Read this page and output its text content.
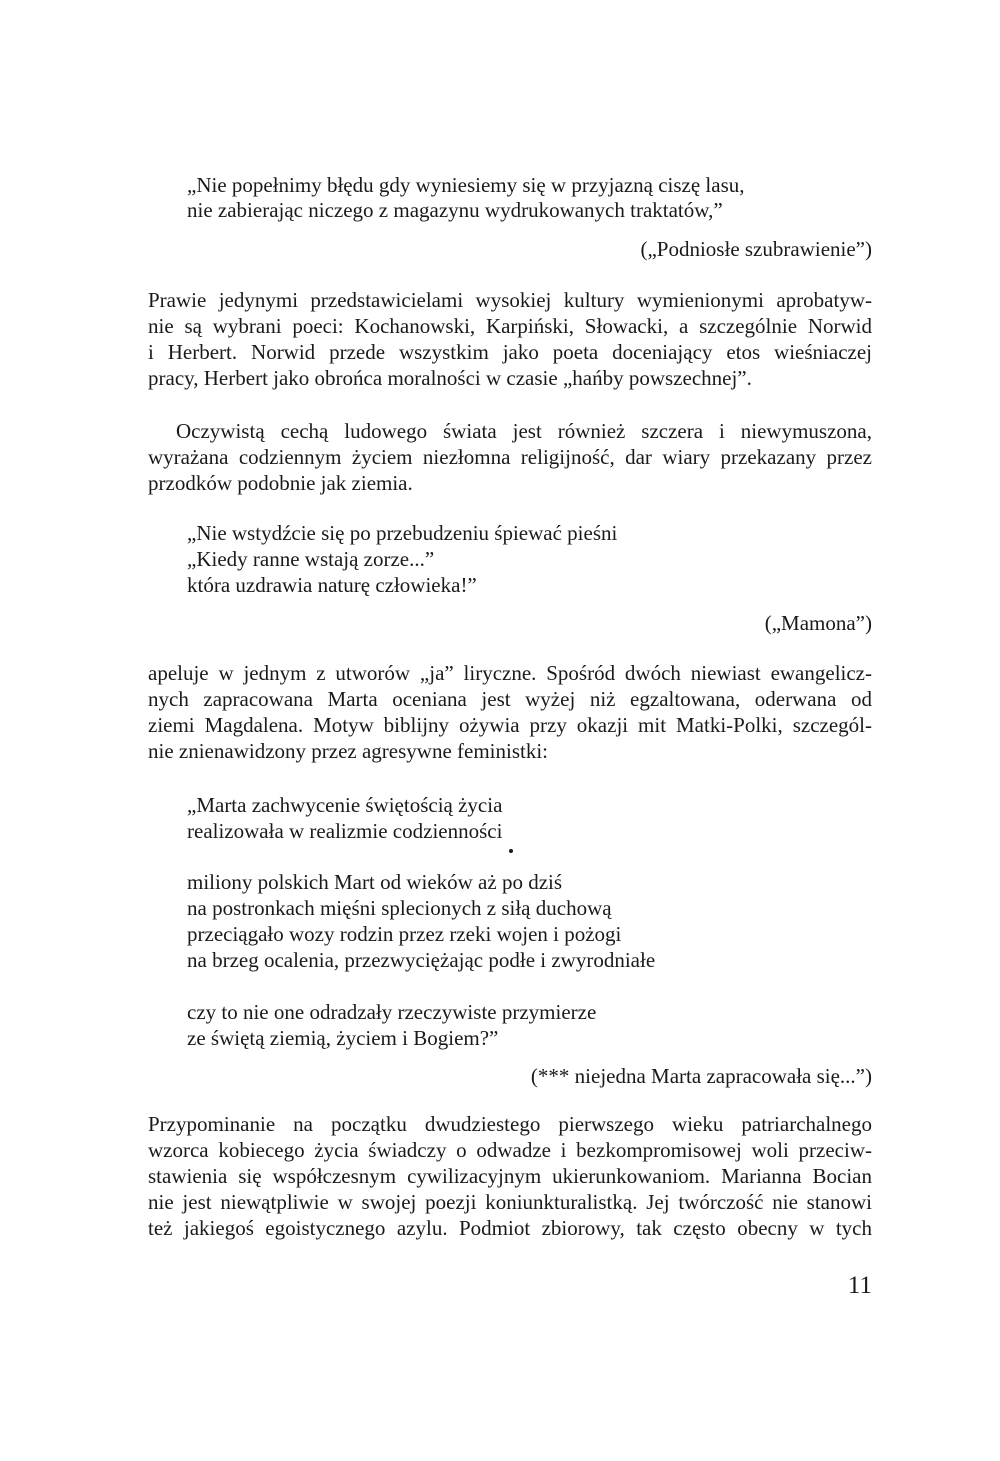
„Nie popełnimy błędu gdy wyniesiemy się w przyjazną ciszę lasu,
nie zabierając niczego z magazynu wydrukowanych traktatów,”
(„Podniosłe szubrawienie”)
Prawie jedynymi przedstawicielami wysokiej kultury wymienionymi aprobatyw-
nie są wybrani poeci: Kochanowski, Karpiński, Słowacki, a szczególnie Norwid
i Herbert. Norwid przede wszystkim jako poeta doceniający etos wieśniaczej
pracy, Herbert jako obrońca moralności w czasie „hańby powszechnej”.
Oczywistą cechą ludowego świata jest również szczera i niewymuszona,
wyrażana codziennym życiem niezłomna religijność, dar wiary przekazany przez
przodków podobnie jak ziemia.
„Nie wstydźcie się po przebudzeniu śpiewać pieśni
„Kiedy ranne wstają zorze...”
która uzdrawia naturę człowieka!”
(„Mamona”)
apeluje w jednym z utworów „ja” liryczne. Spośród dwóch niewiast ewangelicz-
nych zapracowana Marta oceniana jest wyżej niż egzaltowana, oderwana od
ziemi Magdalena. Motyw biblijny ożywia przy okazji mit Matki-Polki, szczegól-
nie znienawidzony przez agresywne feministki:
„Marta zachwycenie świętością życia
realizowała w realizmie codzienności
miliony polskich Mart od wieków aż po dziś
na postronkach mięśni splecionych z siłą duchową
przeciągało wozy rodzin przez rzeki wojen i pożogi
na brzeg ocalenia, przezwyciężając podłe i zwyrodniałe
czy to nie one odradzały rzeczywiste przymierze
ze świętą ziemią, życiem i Bogiem?”
(*** niejedna Marta zapracowała się...”)
Przypominanie na początku dwudziestego pierwszego wieku patriarchalnego
wzorca kobiecego życia świadczy o odwadze i bezkompromisowej woli przeciw-
stawienia się współczesnym cywilizacyjnym ukierunkowaniom. Marianna Bocian
nie jest niewątpliwie w swojej poezji koniunkturalistką. Jej twórczość nie stanowi
też jakiegoś egoistycznego azylu. Podmiot zbiorowy, tak często obecny w tych
11
